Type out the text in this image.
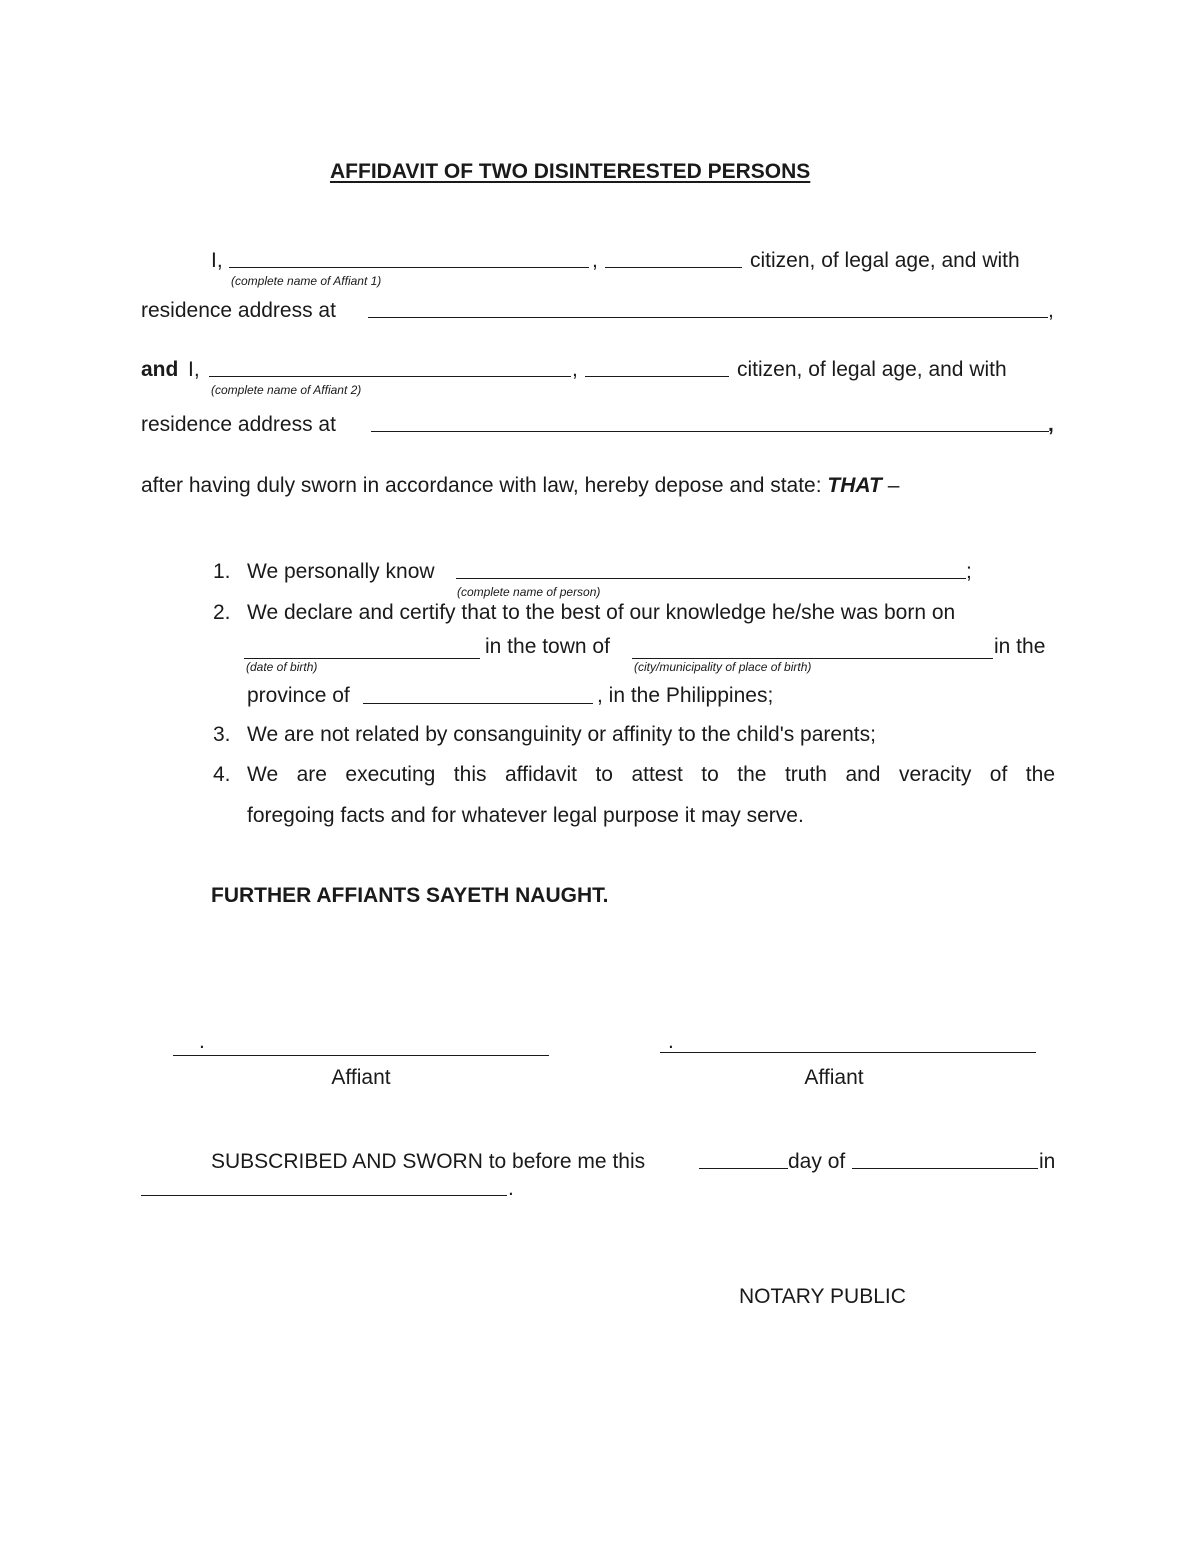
AFFIDAVIT OF TWO DISINTERESTED PERSONS
I,	,	citizen, of legal age, and with
(complete name of Affiant 1)
residence address at	,
and I,	,	citizen, of legal age, and with
(complete name of Affiant 2)
residence address at	,
after having duly sworn in accordance with law, hereby depose and state: THAT –
1. We personally know	;
(complete name of person)
2. We declare and certify that to the best of our knowledge he/she was born on
in the town of	in the
(date of birth)	(city/municipality of place of birth)
province of	, in the Philippines;
3. We are not related by consanguinity or affinity to the child's parents;
4. We are executing this affidavit to attest to the truth and veracity of the
foregoing facts and for whatever legal purpose it may serve.
FURTHER AFFIANTS SAYETH NAUGHT.
.
Affiant
.
Affiant
SUBSCRIBED AND SWORN to before me this	day of	in
.
NOTARY PUBLIC
